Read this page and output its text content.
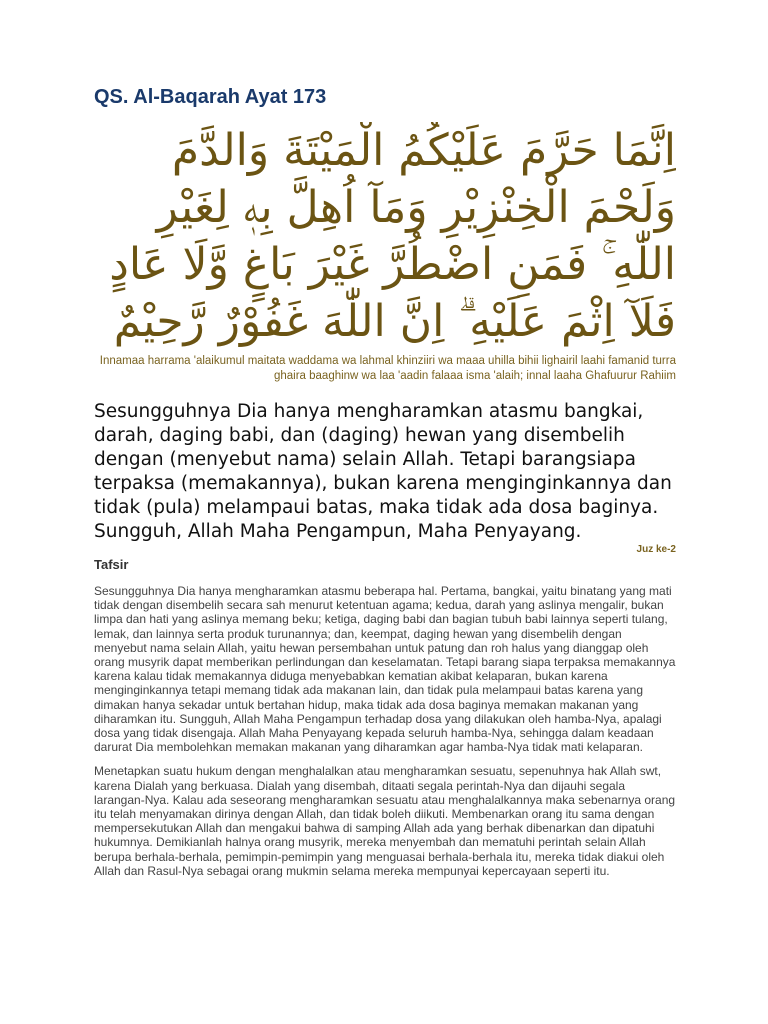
QS. Al-Baqarah Ayat 173

اِنَّمَا حَرَّمَ عَلَيْكُمُ الْمَيْتَةَ وَالدَّمَ وَلَحْمَ الْخِنْزِيْرِ وَمَآ اُهِلَّ بِهٖ لِغَيْرِ اللّٰهِ ۚ فَمَنِ اضْطُرَّ غَيْرَ بَاغٍ وَّلَا عَادٍ فَلَآ اِثْمَ عَلَيْهِ ۗ اِنَّ اللّٰهَ غَفُوْرٌ رَّحِيْمٌ

Innamaa harrama 'alaikumul maitata waddama wa lahmal khinziiri wa maaa uhilla bihii lighairil laahi famanid turra ghaira baaghinw wa laa 'aadin falaaa isma 'alaih; innal laaha Ghafuurur Rahiim

Sesungguhnya Dia hanya mengharamkan atasmu bangkai, darah, daging babi, dan (daging) hewan yang disembelih dengan (menyebut nama) selain Allah. Tetapi barangsiapa terpaksa (memakannya), bukan karena menginginkannya dan tidak (pula) melampaui batas, maka tidak ada dosa baginya. Sungguh, Allah Maha Pengampun, Maha Penyayang.

Juz ke-2

Tafsir

Sesungguhnya Dia hanya mengharamkan atasmu beberapa hal. Pertama, bangkai, yaitu binatang yang mati tidak dengan disembelih secara sah menurut ketentuan agama; kedua, darah yang aslinya mengalir, bukan limpa dan hati yang aslinya memang beku; ketiga, daging babi dan bagian tubuh babi lainnya seperti tulang, lemak, dan lainnya serta produk turunannya; dan, keempat, daging hewan yang disembelih dengan menyebut nama selain Allah, yaitu hewan persembahan untuk patung dan roh halus yang dianggap oleh orang musyrik dapat memberikan perlindungan dan keselamatan. Tetapi barang siapa terpaksa memakannya karena kalau tidak memakannya diduga menyebabkan kematian akibat kelaparan, bukan karena menginginkannya tetapi memang tidak ada makanan lain, dan tidak pula melampaui batas karena yang dimakan hanya sekadar untuk bertahan hidup, maka tidak ada dosa baginya memakan makanan yang diharamkan itu. Sungguh, Allah Maha Pengampun terhadap dosa yang dilakukan oleh hamba-Nya, apalagi dosa yang tidak disengaja. Allah Maha Penyayang kepada seluruh hamba-Nya, sehingga dalam keadaan darurat Dia membolehkan memakan makanan yang diharamkan agar hamba-Nya tidak mati kelaparan.

Menetapkan suatu hukum dengan menghalalkan atau mengharamkan sesuatu, sepenuhnya hak Allah swt, karena Dialah yang berkuasa. Dialah yang disembah, ditaati segala perintah-Nya dan dijauhi segala larangan-Nya. Kalau ada seseorang mengharamkan sesuatu atau menghalalkannya maka sebenarnya orang itu telah menyamakan dirinya dengan Allah, dan tidak boleh diikuti. Membenarkan orang itu sama dengan mempersekutukan Allah dan mengakui bahwa di samping Allah ada yang berhak dibenarkan dan dipatuhi hukumnya. Demikianlah halnya orang musyrik, mereka menyembah dan mematuhi perintah selain Allah berupa berhala-berhala, pemimpin-pemimpin yang menguasai berhala-berhala itu, mereka tidak diakui oleh Allah dan Rasul-Nya sebagai orang mukmin selama mereka mempunyai kepercayaan seperti itu.
